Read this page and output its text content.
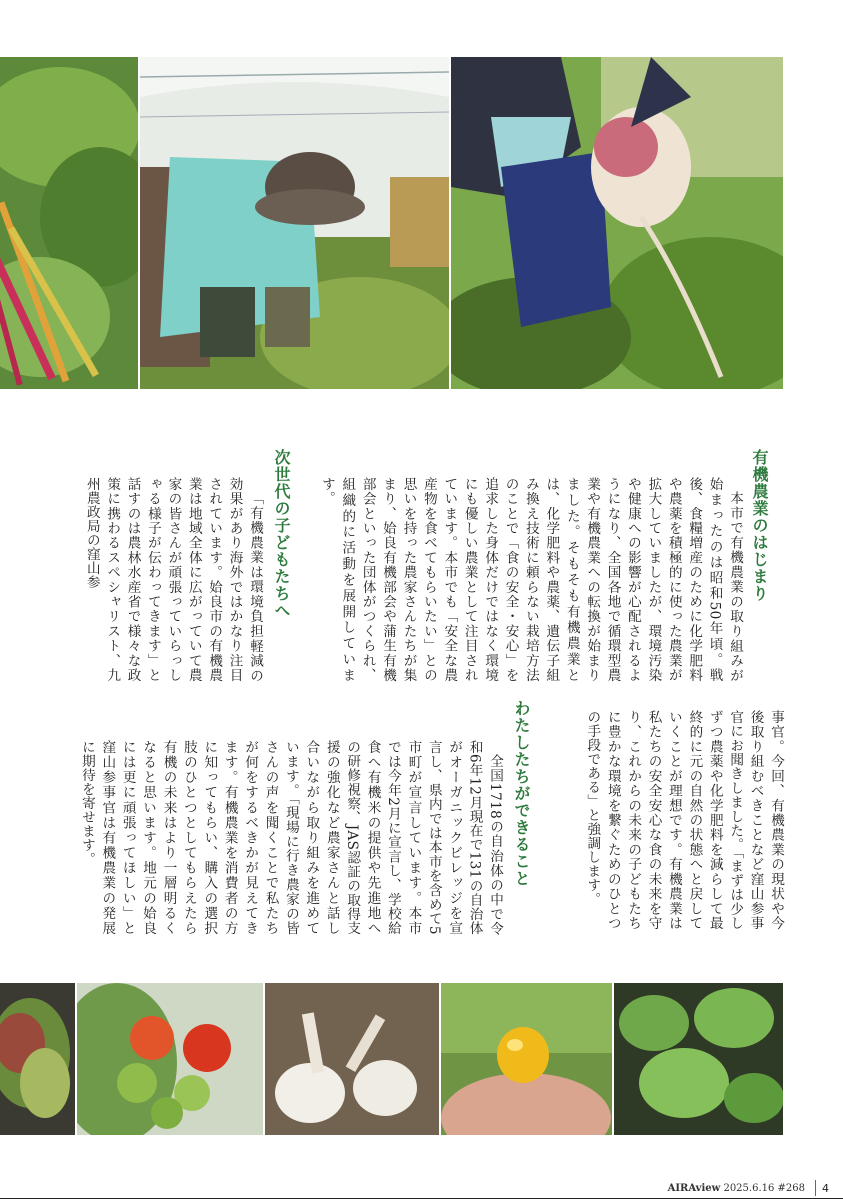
有機農業のはじまり

本市で有機農業の取り組みが始まったのは昭和50年頃。戦後、食糧増産のために化学肥料や農薬を積極的に使った農業が拡大していましたが、環境汚染や健康への影響が心配されるようになり、全国各地で循環型農業や有機農業への転換が始まりました。そもそも有機農業とは、化学肥料や農薬、遺伝子組み換え技術に頼らない栽培方法のことで「食の安全・安心」を追求した身体だけではなく環境にも優しい農業として注目されています。本市でも「安全な農産物を食べてもらいたい」との思いを持った農家さんたちが集まり、姶良有機部会や蒲生有機部会といった団体がつくられ、組織的に活動を展開しています。

次世代の子どもたちへ

「有機農業は環境負担軽減の効果があり海外ではかなり注目されています。姶良市の有機農業は地域全体に広がっていて農家の皆さんが頑張っていらっしゃる様子が伝わってきます」と話すのは農林水産省で様々な政策に携わるスペシャリスト、九州農政局の窪山参

事官。今回、有機農業の現状や今後取り組むべきことなど窪山参事官にお聞きしました。「まずは少しずつ農薬や化学肥料を減らして最終的に元の自然の状態へと戻していくことが理想です。有機農業は私たちの安全安心な食の未来を守り、これからの未来の子どもたちに豊かな環境を繋ぐためのひとつの手段である」と強調します。

わたしたちができること

全国1718の自治体の中で令和6年12月現在で131の自治体がオーガニックビレッジを宣言し、県内では本市を含めて5市町が宣言しています。本市では今年2月に宣言し、学校給食へ有機米の提供や先進地への研修視察、JAS認証の取得支援の強化など農家さんと話し合いながら取り組みを進めています。「現場に行き農家の皆さんの声を聞くことで私たちが何をするべきかが見えてきます。有機農業を消費者の方に知ってもらい、購入の選択肢のひとつとしてもらえたら有機の未来はより一層明るくなると思います。地元の姶良には更に頑張ってほしい」と窪山参事官は有機農業の発展に期待を寄せます。

AIRAview 2025.6.16 #268 4
